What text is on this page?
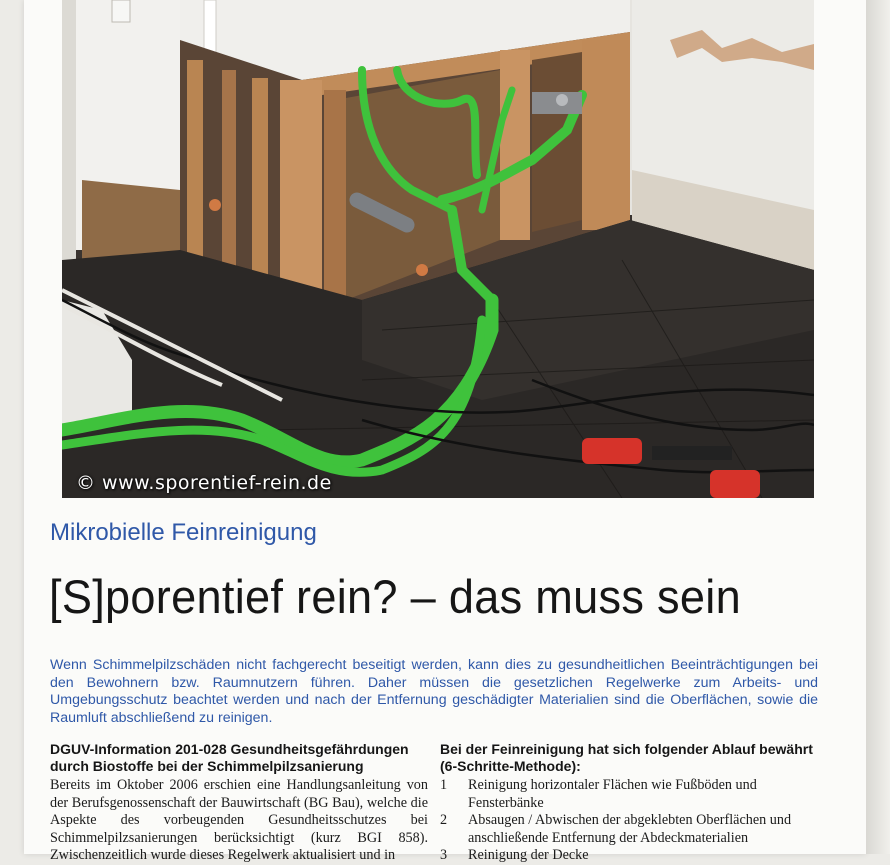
© www.sporentief-rein.de
Mikrobielle Feinreinigung
[S]porentief rein? – das muss sein

Wenn Schimmelpilzschäden nicht fachgerecht beseitigt werden, kann dies zu gesundheitlichen Beeinträchtigungen bei den Bewohnern bzw. Raumnutzern führen. Daher müssen die gesetzlichen Regelwerke zum Arbeits- und Umgebungsschutz beachtet werden und nach der Entfernung geschädigter Materialien sind die Oberflächen, sowie die Raumluft abschließend zu reinigen.

DGUV-Information 201-028 Gesundheitsgefährdungen durch Biostoffe bei der Schimmelpilzsanierung

Bereits im Oktober 2006 erschien eine Handlungsanleitung von der Berufsgenossenschaft der Bauwirtschaft (BG Bau), welche die Aspekte des vorbeugenden Gesundheitsschutzes bei Schimmelpilzsanierungen berücksichtigt (kurz BGI 858). Zwischenzeitlich wurde dieses Regelwerk aktualisiert und in

Bei der Feinreinigung hat sich folgender Ablauf bewährt (6-Schritte-Methode):
1	Reinigung horizontaler Flächen wie Fußböden und Fensterbänke
2	Absaugen / Abwischen der abgeklebten Oberflächen und anschließende Entfernung der Abdeckmaterialien
3	Reinigung der Decke
